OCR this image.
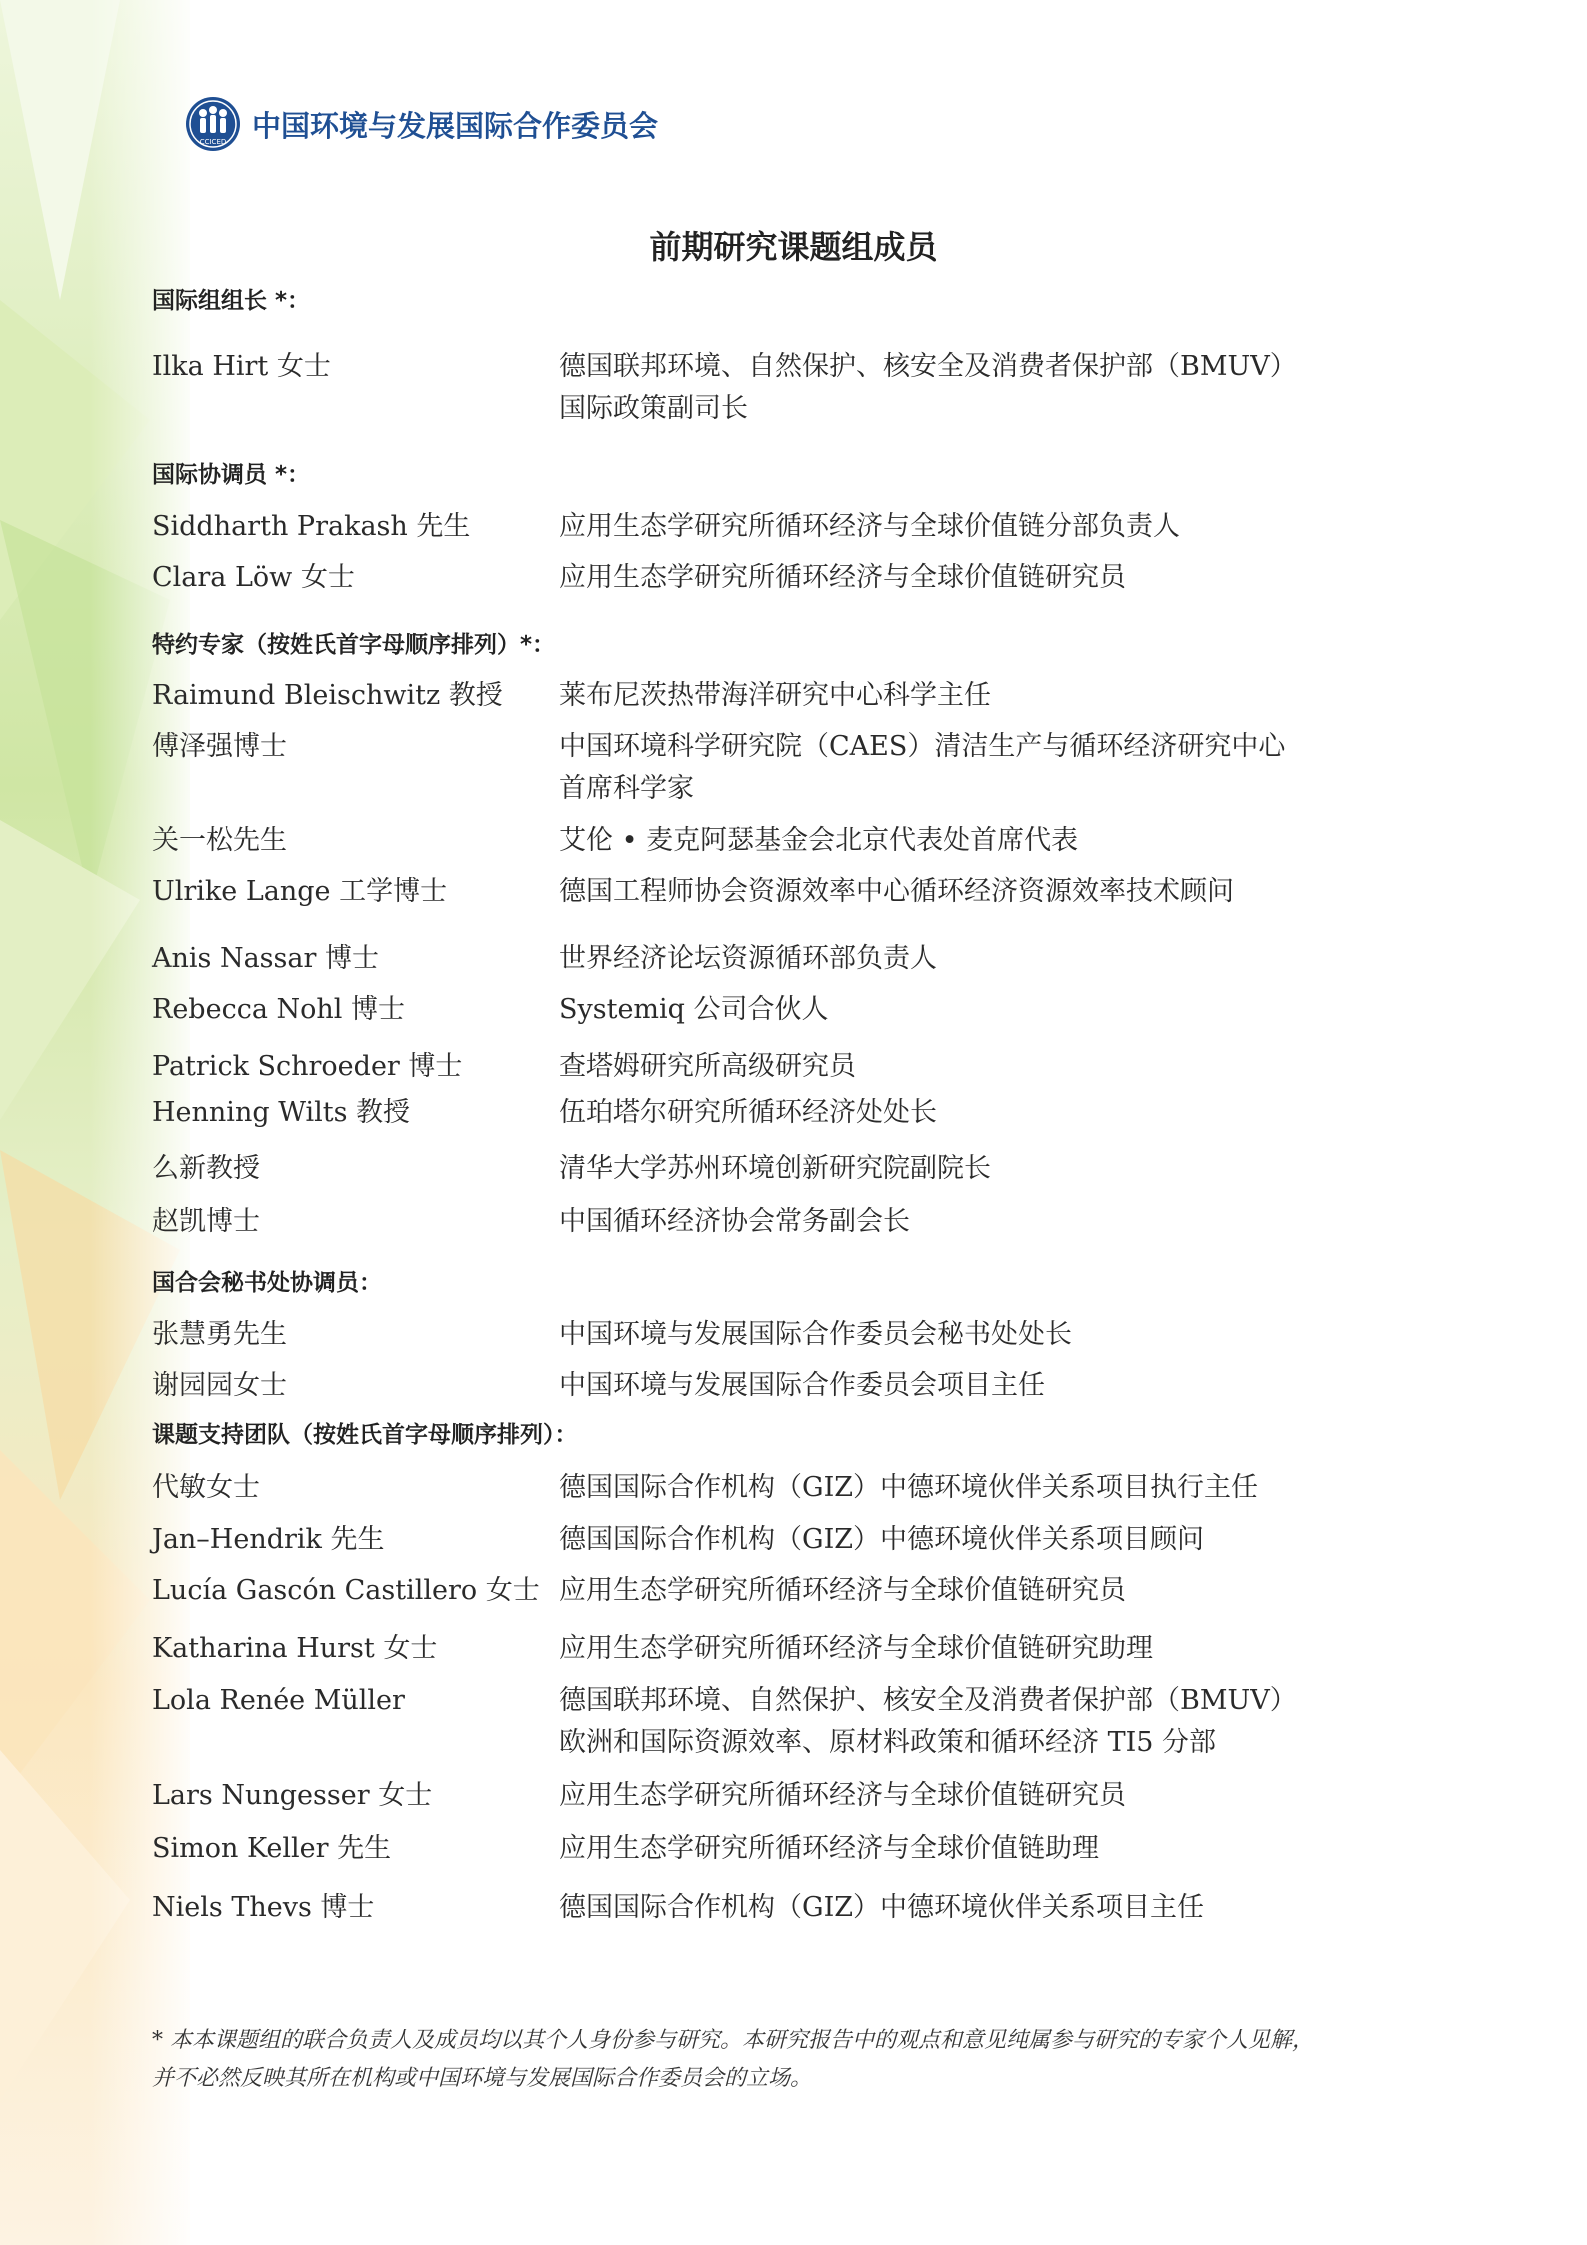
CCICED 中国环境与发展国际合作委员会
前期研究课题组成员
国际组组长 *：
Ilka Hirt 女士	德国联邦环境、自然保护、核安全及消费者保护部（BMUV）
国际政策副司长
国际协调员 *：
Siddharth Prakash 先生	应用生态学研究所循环经济与全球价值链分部负责人
Clara Löw 女士	应用生态学研究所循环经济与全球价值链研究员
特约专家（按姓氏首字母顺序排列）*：
Raimund Bleischwitz 教授 莱布尼茨热带海洋研究中心科学主任
傅泽强博士	中国环境科学研究院（CAES）清洁生产与循环经济研究中心
首席科学家
关一松先生	艾伦 • 麦克阿瑟基金会北京代表处首席代表
Ulrike Lange 工学博士	德国工程师协会资源效率中心循环经济资源效率技术顾问
Anis Nassar 博士	世界经济论坛资源循环部负责人
Rebecca Nohl 博士	Systemiq 公司合伙人
Patrick Schroeder 博士	查塔姆研究所高级研究员
Henning Wilts 教授	伍珀塔尔研究所循环经济处处长
么新教授	清华大学苏州环境创新研究院副院长
赵凯博士	中国循环经济协会常务副会长
国合会秘书处协调员：
张慧勇先生	中国环境与发展国际合作委员会秘书处处长
谢园园女士	中国环境与发展国际合作委员会项目主任
课题支持团队（按姓氏首字母顺序排列）：
代敏女士	德国国际合作机构（GIZ）中德环境伙伴关系项目执行主任
Jan–Hendrik 先生	德国国际合作机构（GIZ）中德环境伙伴关系项目顾问
Lucía Gascón Castillero 女士 应用生态学研究所循环经济与全球价值链研究员
Katharina Hurst 女士	应用生态学研究所循环经济与全球价值链研究助理
Lola Renée Müller	德国联邦环境、自然保护、核安全及消费者保护部（BMUV）
欧洲和国际资源效率、原材料政策和循环经济 TI5 分部
Lars Nungesser 女士	应用生态学研究所循环经济与全球价值链研究员
Simon Keller 先生	应用生态学研究所循环经济与全球价值链助理
Niels Thevs 博士	德国国际合作机构（GIZ）中德环境伙伴关系项目主任
* 本本课题组的联合负责人及成员均以其个人身份参与研究。本研究报告中的观点和意见纯属参与研究的专家个人见解，
并不必然反映其所在机构或中国环境与发展国际合作委员会的立场。
